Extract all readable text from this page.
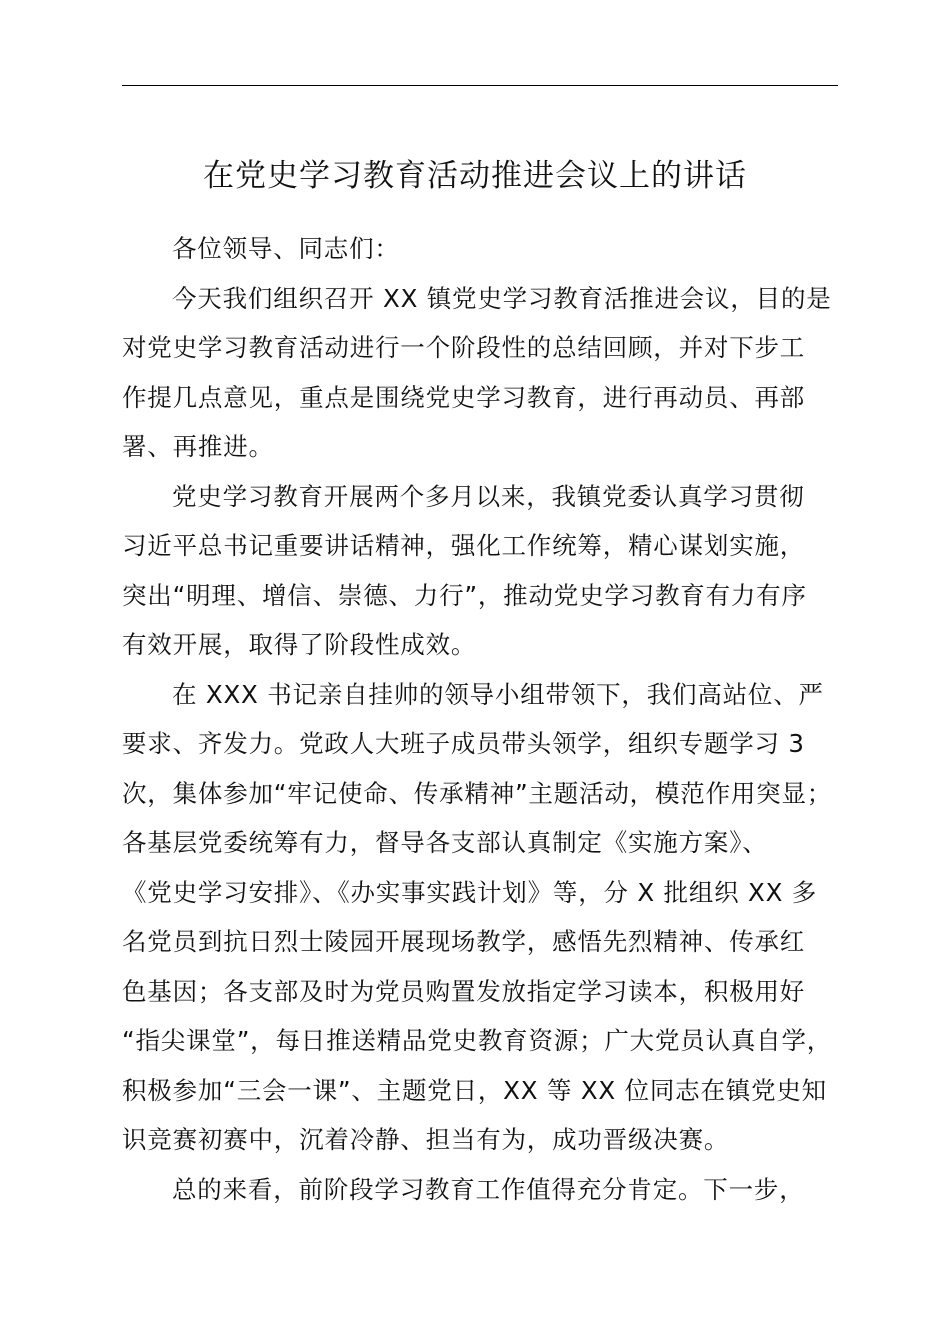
在党史学习教育活动推进会议上的讲话
各位领导、同志们：
今天我们组织召开 XX 镇党史学习教育活推进会议，目的是
对党史学习教育活动进行一个阶段性的总结回顾，并对下步工
作提几点意见，重点是围绕党史学习教育，进行再动员、再部
署、再推进。
党史学习教育开展两个多月以来，我镇党委认真学习贯彻
习近平总书记重要讲话精神，强化工作统筹，精心谋划实施，
突出“明理、增信、崇德、力行”，推动党史学习教育有力有序
有效开展，取得了阶段性成效。
在 XXX 书记亲自挂帅的领导小组带领下，我们高站位、严
要求、齐发力。党政人大班子成员带头领学，组织专题学习 3
次，集体参加“牢记使命、传承精神”主题活动，模范作用突显；
各基层党委统筹有力，督导各支部认真制定《实施方案》、
《党史学习安排》、《办实事实践计划》等，分 X 批组织 XX 多
名党员到抗日烈士陵园开展现场教学，感悟先烈精神、传承红
色基因；各支部及时为党员购置发放指定学习读本，积极用好
“指尖课堂”，每日推送精品党史教育资源；广大党员认真自学，
积极参加“三会一课”、主题党日，XX 等 XX 位同志在镇党史知
识竞赛初赛中，沉着冷静、担当有为，成功晋级决赛。
总的来看，前阶段学习教育工作值得充分肯定。下一步，
